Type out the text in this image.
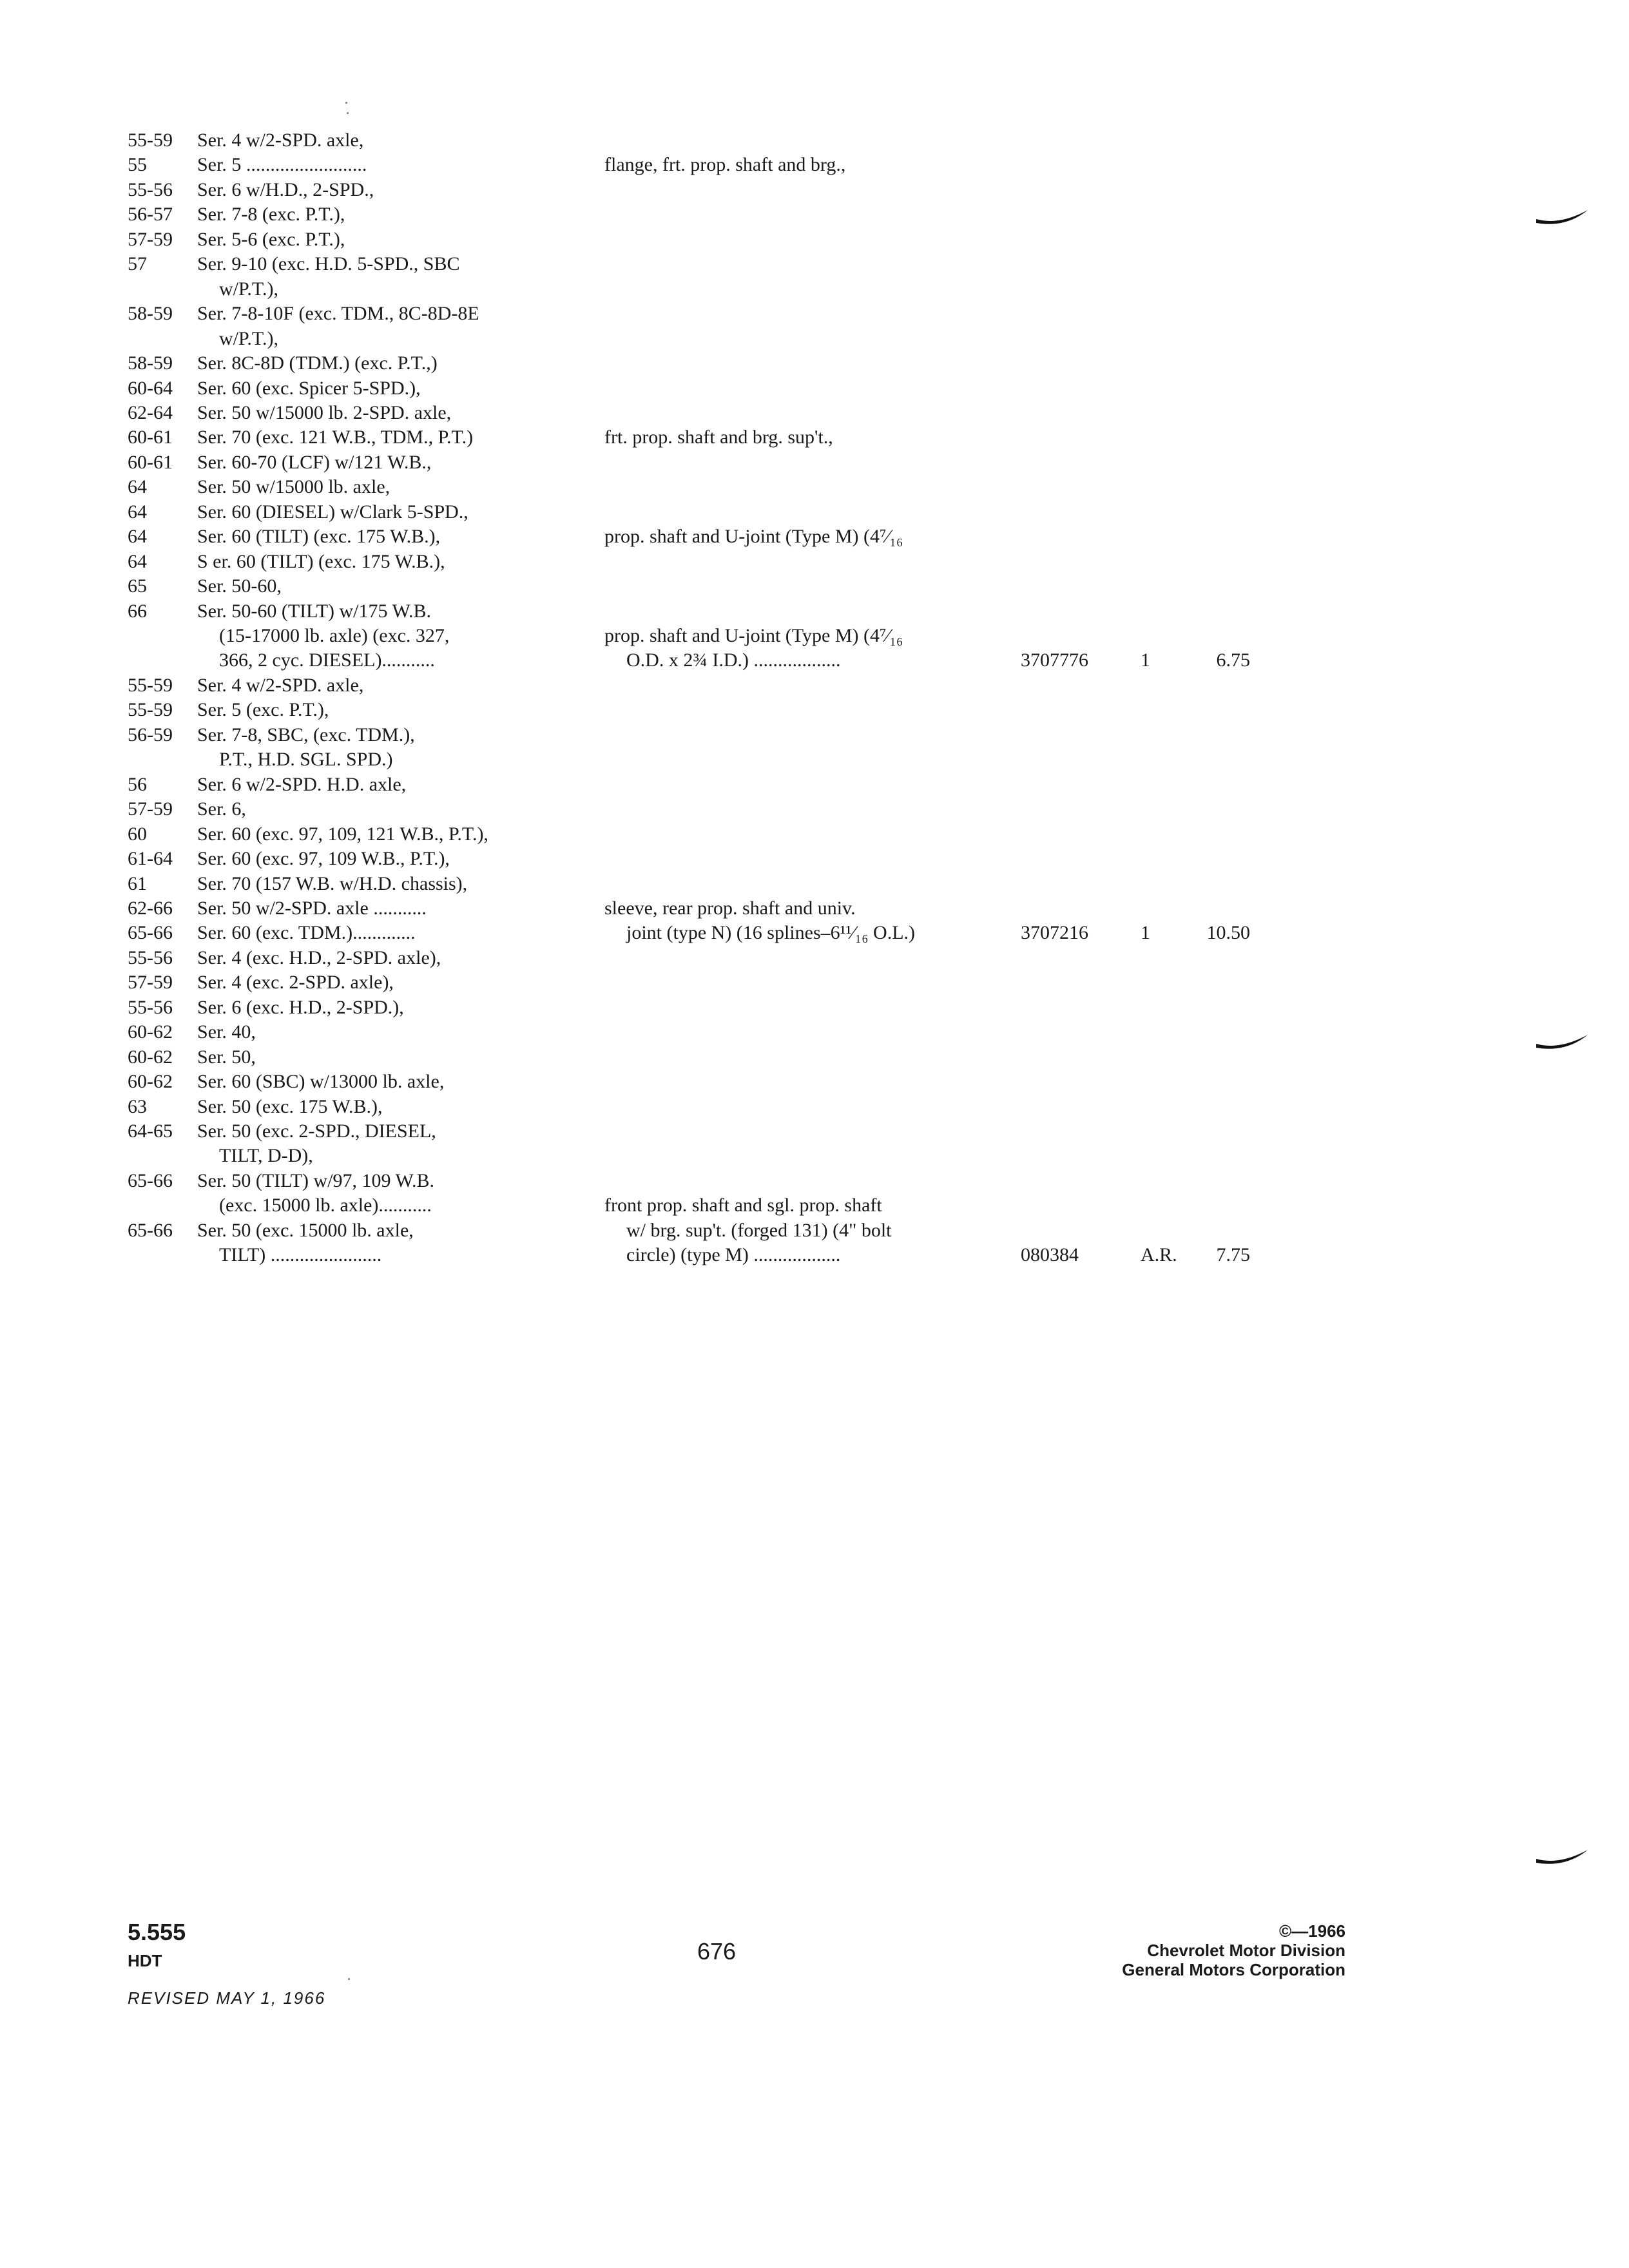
55-59 Ser. 4 w/2-SPD. axle,
55	Ser. 5 .........................	flange, frt. prop. shaft and brg.,
55-56 Ser. 6 w/H.D., 2-SPD.,
56-57 Ser. 7-8 (exc. P.T.),
57-59 Ser. 5-6 (exc. P.T.),
57	Ser. 9-10 (exc. H.D. 5-SPD., SBC
w/P.T.),
58-59 Ser. 7-8-10F (exc. TDM., 8C-8D-8E
w/P.T.),
58-59 Ser. 8C-8D (TDM.) (exc. P.T.,)
60-64 Ser. 60 (exc. Spicer 5-SPD.),
62-64 Ser. 50 w/15000 lb. 2-SPD. axle,
60-61 Ser. 70 (exc. 121 W.B., TDM., P.T.)	frt. prop. shaft and brg. sup't.,
60-61 Ser. 60-70 (LCF) w/121 W.B.,
64	Ser. 50 w/15000 lb. axle,
64	Ser. 60 (DIESEL) w/Clark 5-SPD.,
64	Ser. 60 (TILT) (exc. 175 W.B.),	prop. shaft and U-joint (Type M) (4⁷⁄₁₆
64	S er. 60 (TILT) (exc. 175 W.B.),
65	Ser. 50-60,
66	Ser. 50-60 (TILT) w/175 W.B.
(15-17000 lb. axle) (exc. 327,	prop. shaft and U-joint (Type M) (4⁷⁄₁₆
366, 2 cyc. DIESEL)...........	O.D. x 2¾ I.D.) ..................	3707776	1	6.75
55-59 Ser. 4 w/2-SPD. axle,
55-59 Ser. 5 (exc. P.T.),
56-59 Ser. 7-8, SBC, (exc. TDM.),
P.T., H.D. SGL. SPD.)
56	Ser. 6 w/2-SPD. H.D. axle,
57-59 Ser. 6,
60	Ser. 60 (exc. 97, 109, 121 W.B., P.T.),
61-64 Ser. 60 (exc. 97, 109 W.B., P.T.),
61	Ser. 70 (157 W.B. w/H.D. chassis),
62-66 Ser. 50 w/2-SPD. axle ...........	sleeve, rear prop. shaft and univ.
65-66 Ser. 60 (exc. TDM.).............	joint (type N) (16 splines–6¹¹⁄₁₆ O.L.)	3707216	1	10.50
55-56 Ser. 4 (exc. H.D., 2-SPD. axle),
57-59 Ser. 4 (exc. 2-SPD. axle),
55-56 Ser. 6 (exc. H.D., 2-SPD.),
60-62 Ser. 40,
60-62 Ser. 50,
60-62 Ser. 60 (SBC) w/13000 lb. axle,
63	Ser. 50 (exc. 175 W.B.),
64-65 Ser. 50 (exc. 2-SPD., DIESEL,
TILT, D-D),
65-66 Ser. 50 (TILT) w/97, 109 W.B.
(exc. 15000 lb. axle)...........	front prop. shaft and sgl. prop. shaft
65-66 Ser. 50 (exc. 15000 lb. axle,	w/ brg. sup't. (forged 131) (4" bolt
TILT) .......................	circle) (type M) ..................	080384	A.R.	7.75
5.555
HDT
REVISED MAY 1, 1966
676
©—1966
Chevrolet Motor Division
General Motors Corporation
